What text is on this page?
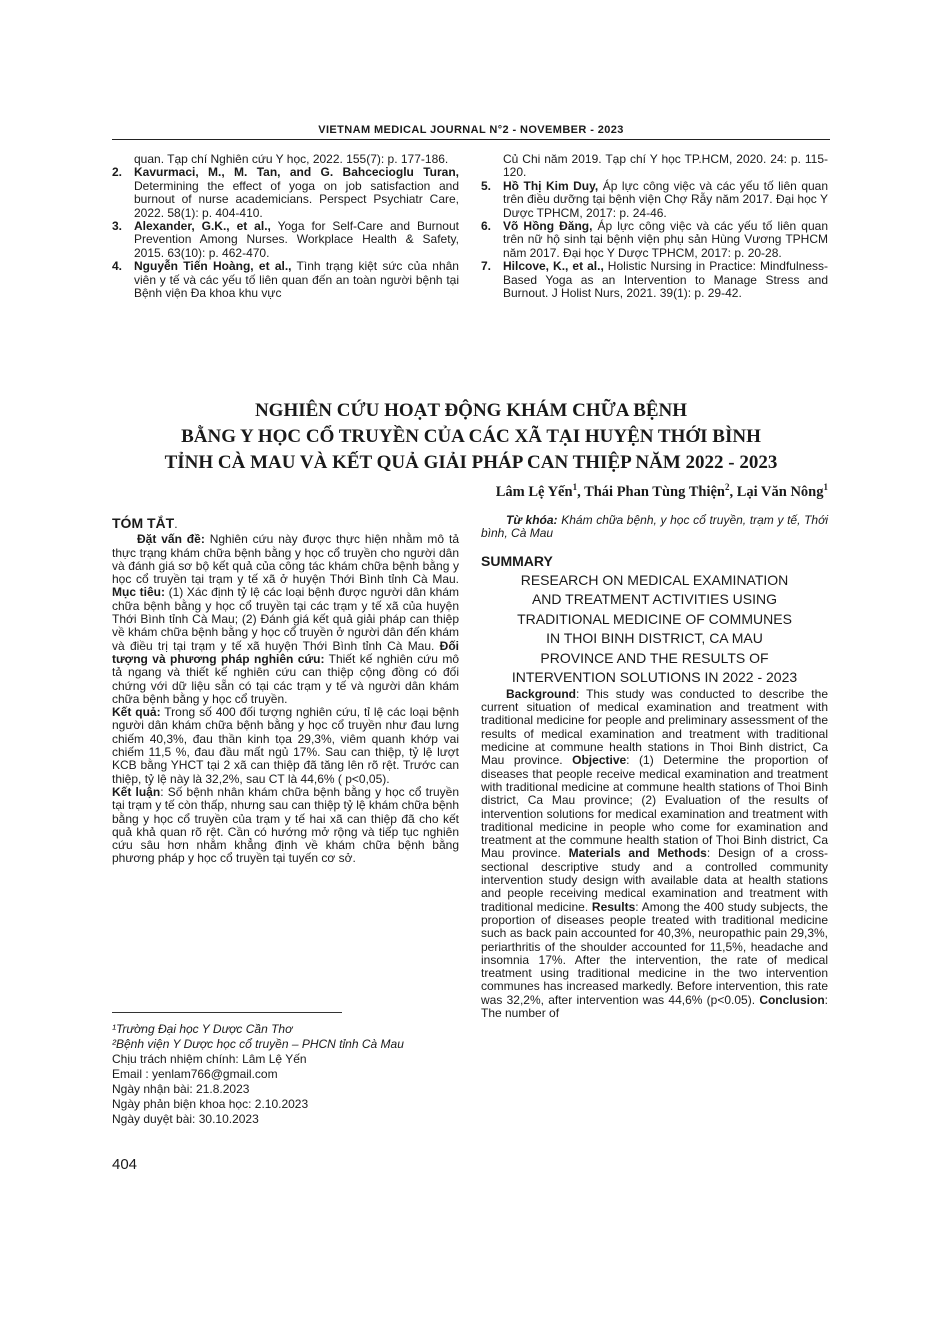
VIETNAM MEDICAL JOURNAL N°2 - NOVEMBER - 2023
quan. Tạp chí Nghiên cứu Y học, 2022. 155(7): p. 177-186.
2. Kavurmaci, M., M. Tan, and G. Bahcecioglu Turan, Determining the effect of yoga on job satisfaction and burnout of nurse academicians. Perspect Psychiatr Care, 2022. 58(1): p. 404-410.
3. Alexander, G.K., et al., Yoga for Self-Care and Burnout Prevention Among Nurses. Workplace Health & Safety, 2015. 63(10): p. 462-470.
4. Nguyễn Tiến Hoàng, et al., Tình trạng kiệt sức của nhân viên y tế và các yếu tố liên quan đến an toàn người bệnh tại Bệnh viện Đa khoa khu vực
Củ Chi năm 2019. Tạp chí Y học TP.HCM, 2020. 24: p. 115-120.
5. Hồ Thị Kim Duy, Áp lực công việc và các yếu tố liên quan trên điều dưỡng tại bệnh viện Chợ Rẫy năm 2017. Đại học Y Dược TPHCM, 2017: p. 24-46.
6. Võ Hồng Đăng, Áp lực công việc và các yếu tố liên quan trên nữ hộ sinh tại bệnh viện phụ sản Hùng Vương TPHCM năm 2017. Đại học Y Dược TPHCM, 2017: p. 20-28.
7. Hilcove, K., et al., Holistic Nursing in Practice: Mindfulness-Based Yoga as an Intervention to Manage Stress and Burnout. J Holist Nurs, 2021. 39(1): p. 29-42.
NGHIÊN CỨU HOẠT ĐỘNG KHÁM CHỮA BỆNH
BẰNG Y HỌC CỔ TRUYỀN CỦA CÁC XÃ TẠI HUYỆN THỚI BÌNH
TỈNH CÀ MAU VÀ KẾT QUẢ GIẢI PHÁP CAN THIỆP NĂM 2022 - 2023
Lâm Lệ Yến$^1$, Thái Phan Tùng Thiện$^2$, Lại Văn Nông$^1$
TÓM TẮT.

Đặt vấn đề: Nghiên cứu này được thực hiện nhằm mô tả thực trạng khám chữa bệnh bằng y học cổ truyền cho người dân và đánh giá sơ bộ kết quả của công tác khám chữa bệnh bằng y học cổ truyền tại trạm y tế xã ở huyện Thới Bình tỉnh Cà Mau. Mục tiêu: (1) Xác định tỷ lệ các loại bệnh được người dân khám chữa bệnh bằng y học cổ truyền tại các trạm y tế xã của huyện Thới Bình tỉnh Cà Mau; (2) Đánh giá kết quả giải pháp can thiệp về khám chữa bệnh bằng y học cổ truyền ở người dân đến khám và điều trị tại trạm y tế xã huyện Thới Bình tỉnh Cà Mau. Đối tượng và phương pháp nghiên cứu: Thiết kế nghiên cứu mô tả ngang và thiết kế nghiên cứu can thiệp cộng đồng có đối chứng với dữ liệu sẵn có tại các trạm y tế và người dân khám chữa bệnh bằng y học cổ truyền.

Kết quả: Trong số 400 đối tượng nghiên cứu, tỉ lệ các loại bệnh người dân khám chữa bệnh bằng y học cổ truyền như đau lưng chiếm 40,3%, đau thần kinh tọa 29,3%, viêm quanh khớp vai chiếm 11,5 %, đau đầu mất ngủ 17%. Sau can thiệp, tỷ lệ lượt KCB bằng YHCT tại 2 xã can thiệp đã tăng lên rõ rệt. Trước can thiệp, tỷ lệ này là 32,2%, sau CT là 44,6% ( p<0,05).

Kết luận: Số bệnh nhân khám chữa bệnh bằng y học cổ truyền tại trạm y tế còn thấp, nhưng sau can thiệp tỷ lệ khám chữa bệnh bằng y học cổ truyền của trạm y tế hai xã can thiệp đã cho kết quả khả quan rõ rệt. Cần có hướng mở rộng và tiếp tục nghiên cứu sâu hơn nhằm khẳng định về khám chữa bệnh bằng phương pháp y học cổ truyền tại tuyến cơ sở.

¹Trường Đại học Y Dược Cần Thơ
²Bệnh viện Y Dược học cổ truyền – PHCN tỉnh Cà Mau
Chịu trách nhiệm chính: Lâm Lệ Yến
Email : yenlam766@gmail.com
Ngày nhận bài: 21.8.2023
Ngày phản biện khoa học: 2.10.2023
Ngày duyệt bài: 30.10.2023

Từ khóa: Khám chữa bệnh, y học cổ truyền, trạm y tế, Thới bình, Cà Mau

SUMMARY
RESEARCH ON MEDICAL EXAMINATION
AND TREATMENT ACTIVITIES USING
TRADITIONAL MEDICINE OF COMMUNES
IN THOI BINH DISTRICT, CA MAU
PROVINCE AND THE RESULTS OF
INTERVENTION SOLUTIONS IN 2022 - 2023

Background: This study was conducted to describe the current situation of medical examination and treatment with traditional medicine for people and preliminary assessment of the results of medical examination and treatment with traditional medicine at commune health stations in Thoi Binh district, Ca Mau province. Objective: (1) Determine the proportion of diseases that people receive medical examination and treatment with traditional medicine at commune health stations of Thoi Binh district, Ca Mau province; (2) Evaluation of the results of intervention solutions for medical examination and treatment with traditional medicine in people who come for examination and treatment at the commune health station of Thoi Binh district, Ca Mau province. Materials and Methods: Design of a cross-sectional descriptive study and a controlled community intervention study design with available data at health stations and people receiving medical examination and treatment with traditional medicine. Results: Among the 400 study subjects, the proportion of diseases people treated with traditional medicine such as back pain accounted for 40,3%, neuropathic pain 29,3%, periarthritis of the shoulder accounted for 11,5%, headache and insomnia 17%. After the intervention, the rate of medical treatment using traditional medicine in the two intervention communes has increased markedly. Before intervention, this rate was 32,2%, after intervention was 44,6% (p<0.05). Conclusion: The number of

404
